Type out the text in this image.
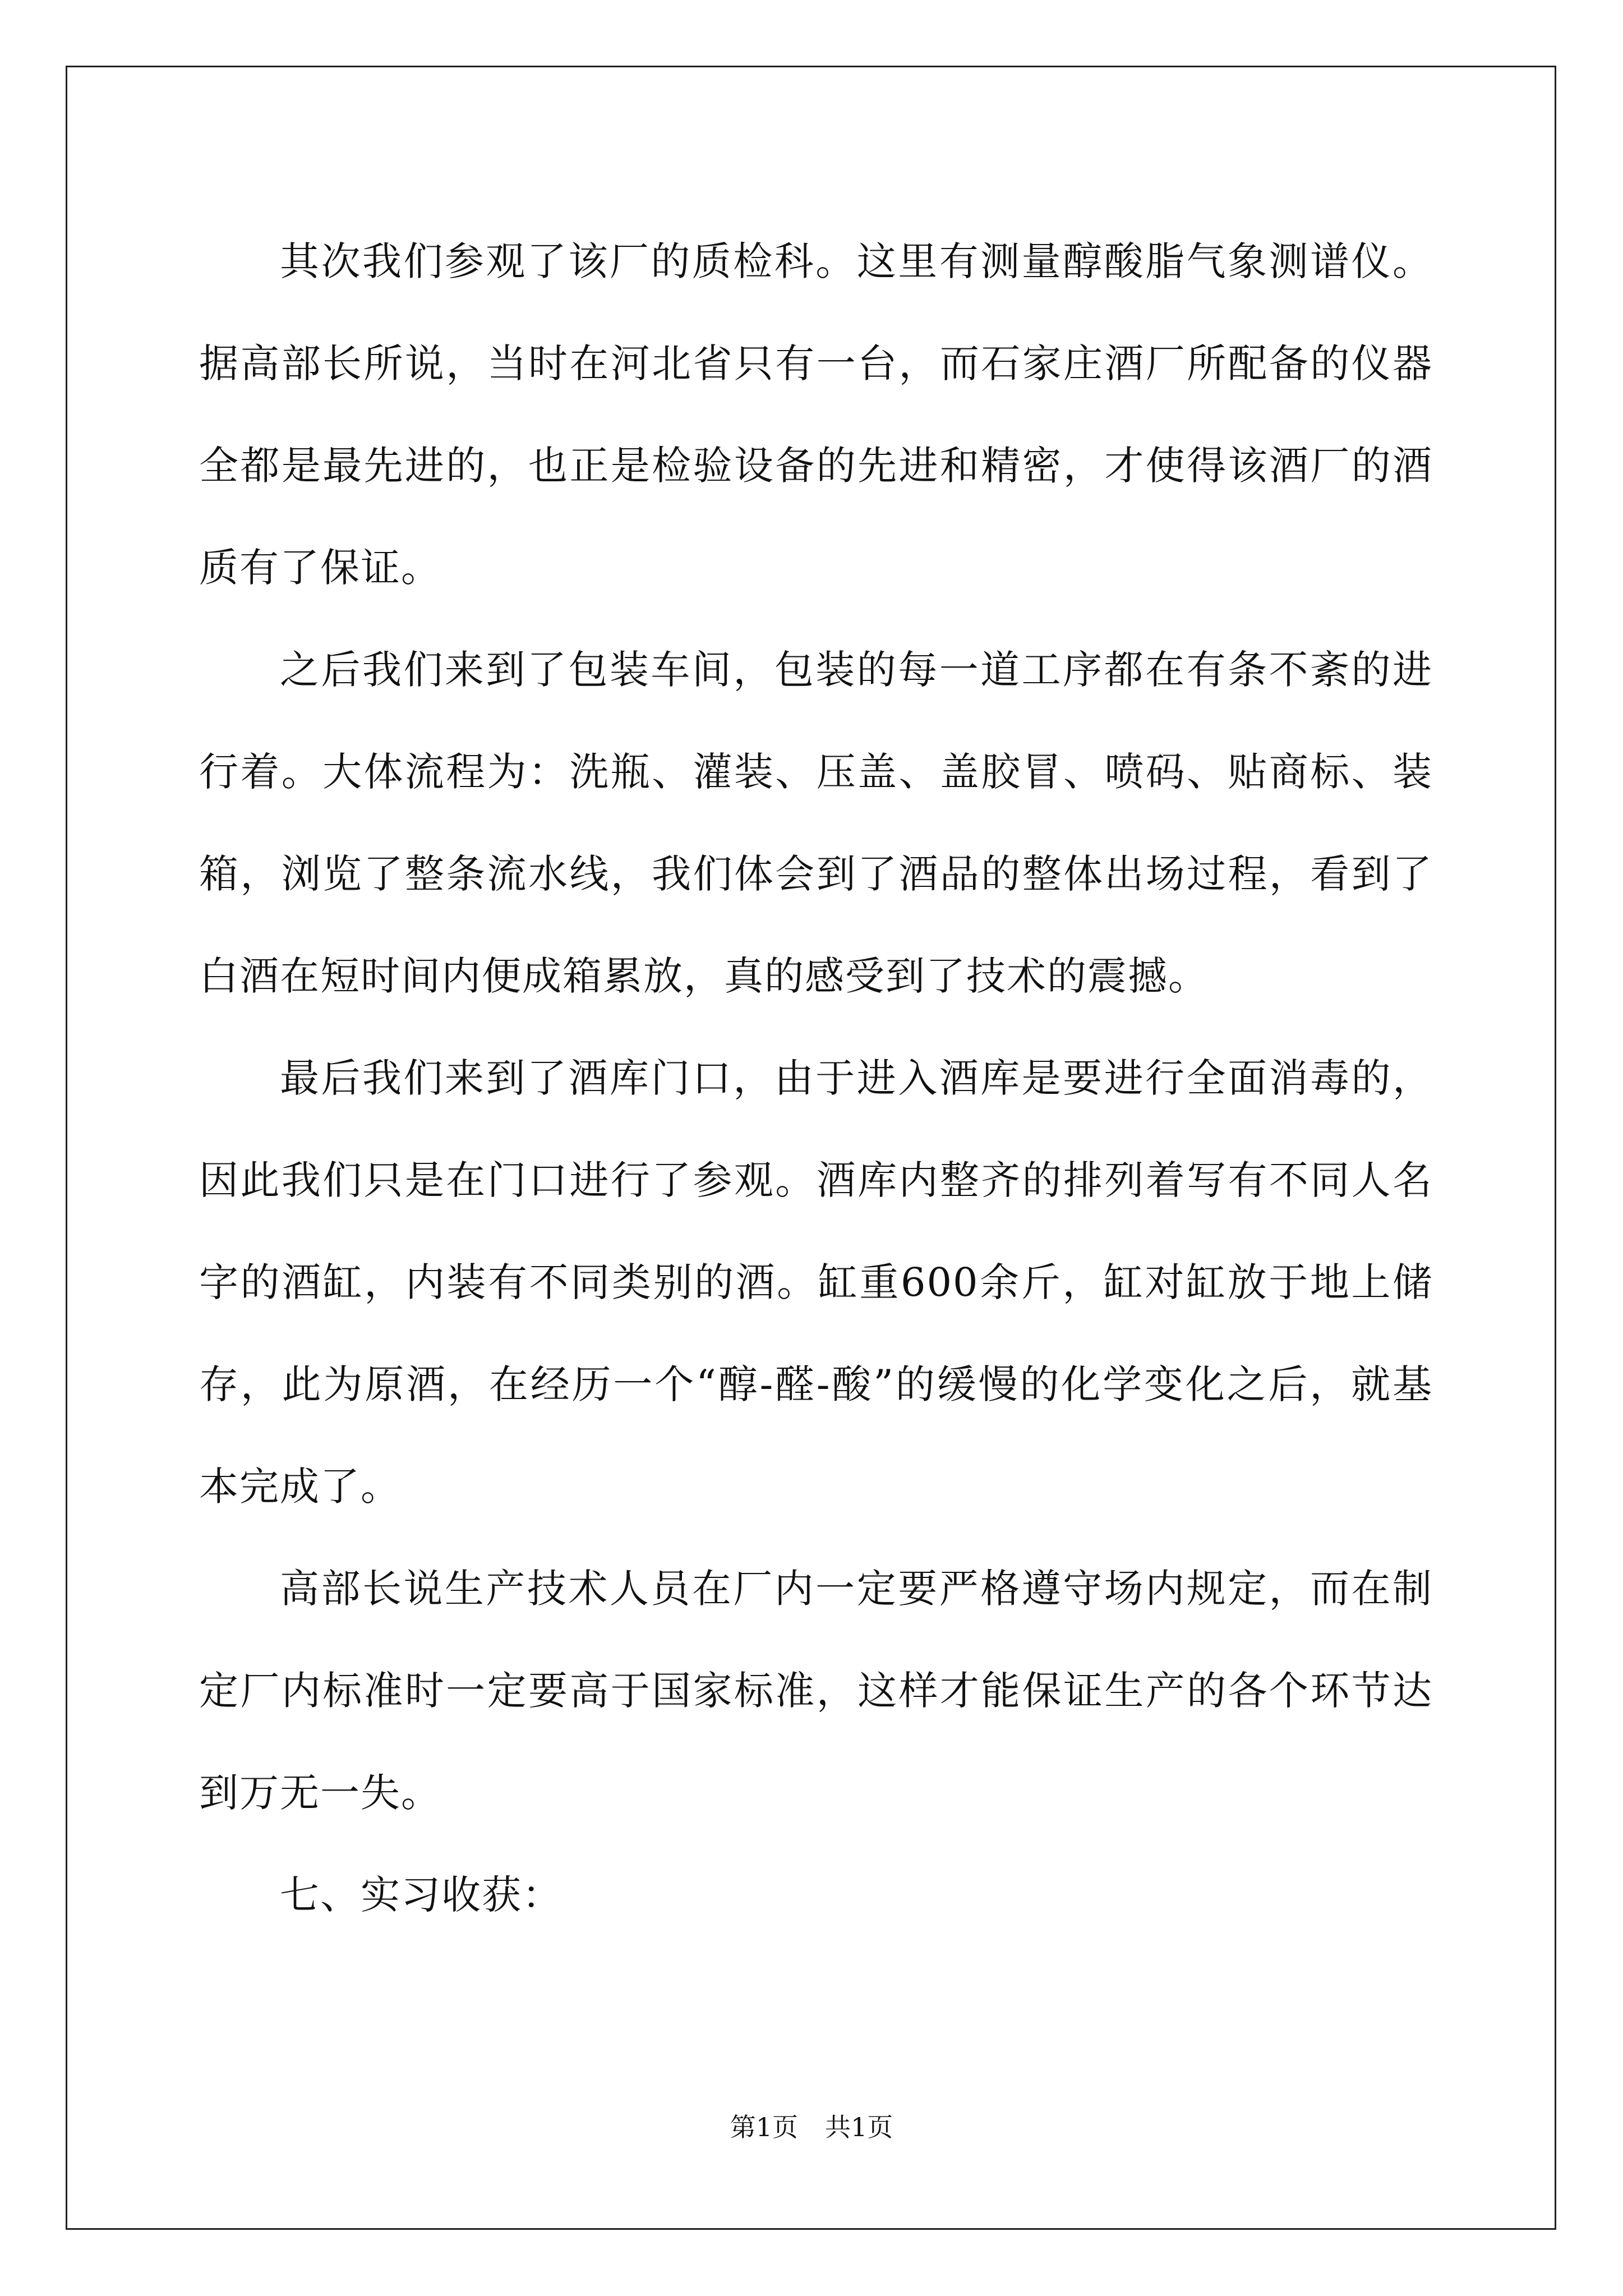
其次我们参观了该厂的质检科。这里有测量醇酸脂气象测谱仪。据高部长所说，当时在河北省只有一台，而石家庄酒厂所配备的仪器全都是最先进的，也正是检验设备的先进和精密，才使得该酒厂的酒质有了保证。

之后我们来到了包装车间，包装的每一道工序都在有条不紊的进行着。大体流程为：洗瓶、灌装、压盖、盖胶冒、喷码、贴商标、装箱，浏览了整条流水线，我们体会到了酒品的整体出场过程，看到了白酒在短时间内便成箱累放，真的感受到了技术的震撼。

最后我们来到了酒库门口，由于进入酒库是要进行全面消毒的，因此我们只是在门口进行了参观。酒库内整齐的排列着写有不同人名字的酒缸，内装有不同类别的酒。缸重600余斤，缸对缸放于地上储存，此为原酒，在经历一个“醇-醛-酸”的缓慢的化学变化之后，就基本完成了。

高部长说生产技术人员在厂内一定要严格遵守场内规定，而在制定厂内标准时一定要高于国家标准，这样才能保证生产的各个环节达到万无一失。

七、实习收获：

第1页 共1页
